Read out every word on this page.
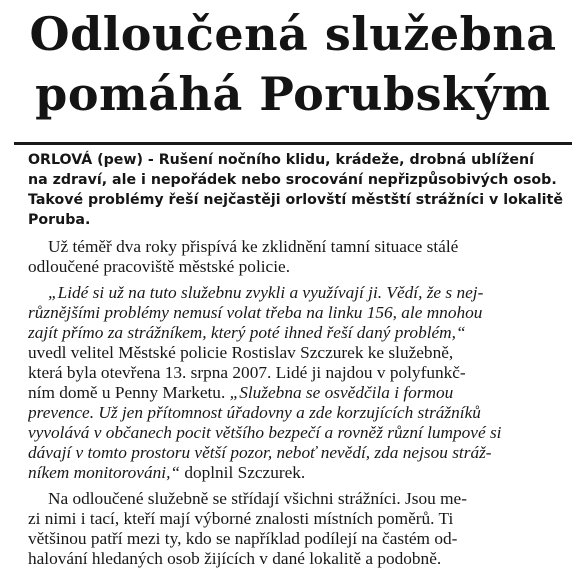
Odloučená služebna
pomáhá Porubským
ORLOVÁ (pew) - Rušení nočního klidu, krádeže, drobná ublížení
na zdraví, ale i nepořádek nebo srocování nepřizpůsobivých osob.
Takové problémy řeší nejčastěji orlovští městští strážníci v lokalitě
Poruba.
Už téměř dva roky přispívá ke zklidnění tamní situace stálé
odloučené pracoviště městské policie.
„Lidé si už na tuto služebnu zvykli a využívají ji. Vědí, že s nej-
různějšími problémy nemusí volat třeba na linku 156, ale mnohou
zajít přímo za strážníkem, který poté ihned řeší daný problém,“
uvedl velitel Městské policie Rostislav Szczurek ke služebně,
která byla otevřena 13. srpna 2007. Lidé ji najdou v polyfunkč-
ním domě u Penny Marketu. „Služebna se osvědčila i formou
prevence. Už jen přítomnost úřadovny a zde korzujících strážníků
vyvolává v občanech pocit většího bezpečí a rovněž různí lumpové si
dávají v tomto prostoru větší pozor, neboť nevědí, zda nejsou stráž-
níkem monitorováni,“ doplnil Szczurek.
Na odloučené služebně se střídají všichni strážníci. Jsou me-
zi nimi i tací, kteří mají výborné znalosti místních poměrů. Ti
většinou patří mezi ty, kdo se například podílejí na častém od-
halování hledaných osob žijících v dané lokalitě a podobně.
